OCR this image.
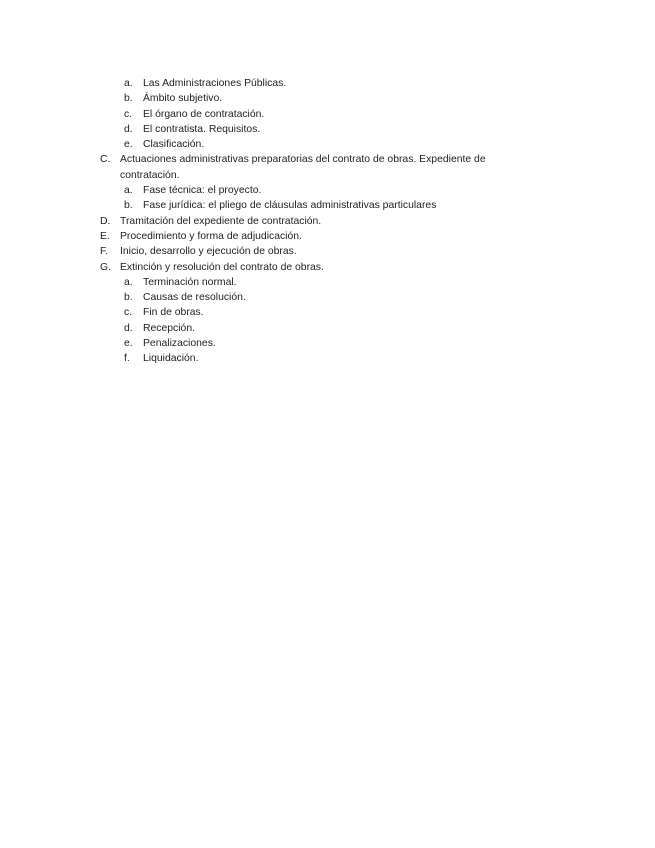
a. Las Administraciones Públicas.
b. Ámbito subjetivo.
c. El órgano de contratación.
d. El contratista. Requisitos.
e. Clasificación.
C. Actuaciones administrativas preparatorias del contrato de obras. Expediente de contratación.
a. Fase técnica: el proyecto.
b. Fase jurídica: el pliego de cláusulas administrativas particulares
D. Tramitación del expediente de contratación.
E. Procedimiento y forma de adjudicación.
F. Inicio, desarrollo y ejecución de obras.
G. Extinción y resolución del contrato de obras.
a. Terminación normal.
b. Causas de resolución.
c. Fin de obras.
d. Recepción.
e. Penalizaciones.
f. Liquidación.
